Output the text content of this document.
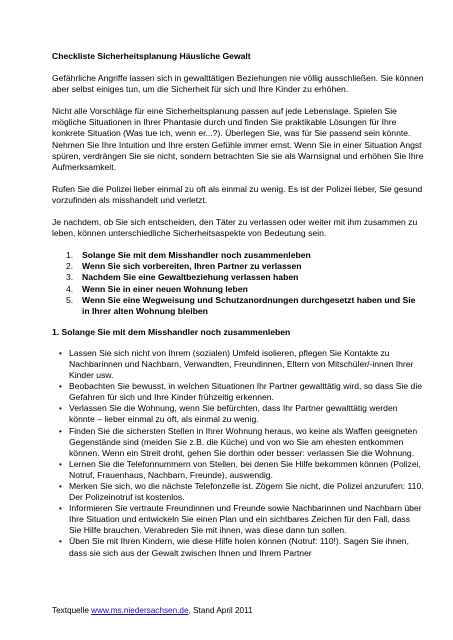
Checkliste Sicherheitsplanung Häusliche Gewalt

Gefährliche Angriffe lassen sich in gewalttätigen Beziehungen nie völlig ausschließen. Sie können aber selbst einiges tun, um die Sicherheit für sich und Ihre Kinder zu erhöhen.

Nicht alle Vorschläge für eine Sicherheitsplanung passen auf jede Lebenslage. Spielen Sie mögliche Situationen in Ihrer Phantasie durch und finden Sie praktikable Lösungen für Ihre konkrete Situation (Was tue ich, wenn er...?). Überlegen Sie, was für Sie passend sein könnte. Nehmen Sie Ihre Intuition und Ihre ersten Gefühle immer ernst. Wenn Sie in einer Situation Angst spüren, verdrängen Sie sie nicht, sondern betrachten Sie sie als Warnsignal und erhöhen Sie Ihre Aufmerksamkeit.

Rufen Sie die Polizei lieber einmal zu oft als einmal zu wenig. Es ist der Polizei lieber, Sie gesund vorzufinden als misshandelt und verletzt.

Je nachdem, ob Sie sich entscheiden, den Täter zu verlassen oder weiter mit ihm zusammen zu leben, können unterschiedliche Sicherheitsaspekte von Bedeutung sein.

1. Solange Sie mit dem Misshandler noch zusammenleben
2. Wenn Sie sich vorbereiten, Ihren Partner zu verlassen
3. Nachdem Sie eine Gewaltbeziehung verlassen haben
4. Wenn Sie in einer neuen Wohnung leben
5. Wenn Sie eine Wegweisung und Schutzanordnungen durchgesetzt haben und Sie in Ihrer alten Wohnung bleiben

1. Solange Sie mit dem Misshandler noch zusammenleben

• Lassen Sie sich nicht von Ihrem (sozialen) Umfeld isolieren, pflegen Sie Kontakte zu Nachbarinnen und Nachbarn, Verwandten, Freundinnen, Eltern von Mitschüler/-innen Ihrer Kinder usw.
• Beobachten Sie bewusst, in welchen Situationen Ihr Partner gewalttätig wird, so dass Sie die Gefahren für sich und Ihre Kinder frühzeitig erkennen.
• Verlassen Sie die Wohnung, wenn Sie befürchten, dass Ihr Partner gewalttätig werden könnte – lieber einmal zu oft, als einmal zu wenig.
• Finden Sie die sichersten Stellen in Ihrer Wohnung heraus, wo keine als Waffen geeigneten Gegenstände sind (meiden Sie z.B. die Küche) und von wo Sie am ehesten entkommen können. Wenn ein Streit droht, gehen Sie dorthin oder besser: verlassen Sie die Wohnung.
• Lernen Sie die Telefonnummern von Stellen, bei denen Sie Hilfe bekommen können (Polizei, Notruf, Frauenhaus, Nachbarn, Freunde), auswendig.
• Merken Sie sich, wo die nächste Telefonzelle ist. Zögern Sie nicht, die Polizei anzurufen: 110. Der Polizeinotruf ist kostenlos.
• Informieren Sie vertraute Freundinnen und Freunde sowie Nachbarinnen und Nachbarn über Ihre Situation und entwickeln Sie einen Plan und ein sichtbares Zeichen für den Fall, dass Sie Hilfe brauchen. Verabreden Sie mit ihnen, was diese dann tun sollen.
• Üben Sie mit Ihren Kindern, wie diese Hilfe holen können (Notruf: 110!). Sagen Sie ihnen, dass sie sich aus der Gewalt zwischen Ihnen und Ihrem Partner
Textquelle www.ms.niedersachsen.de, Stand April 2011
